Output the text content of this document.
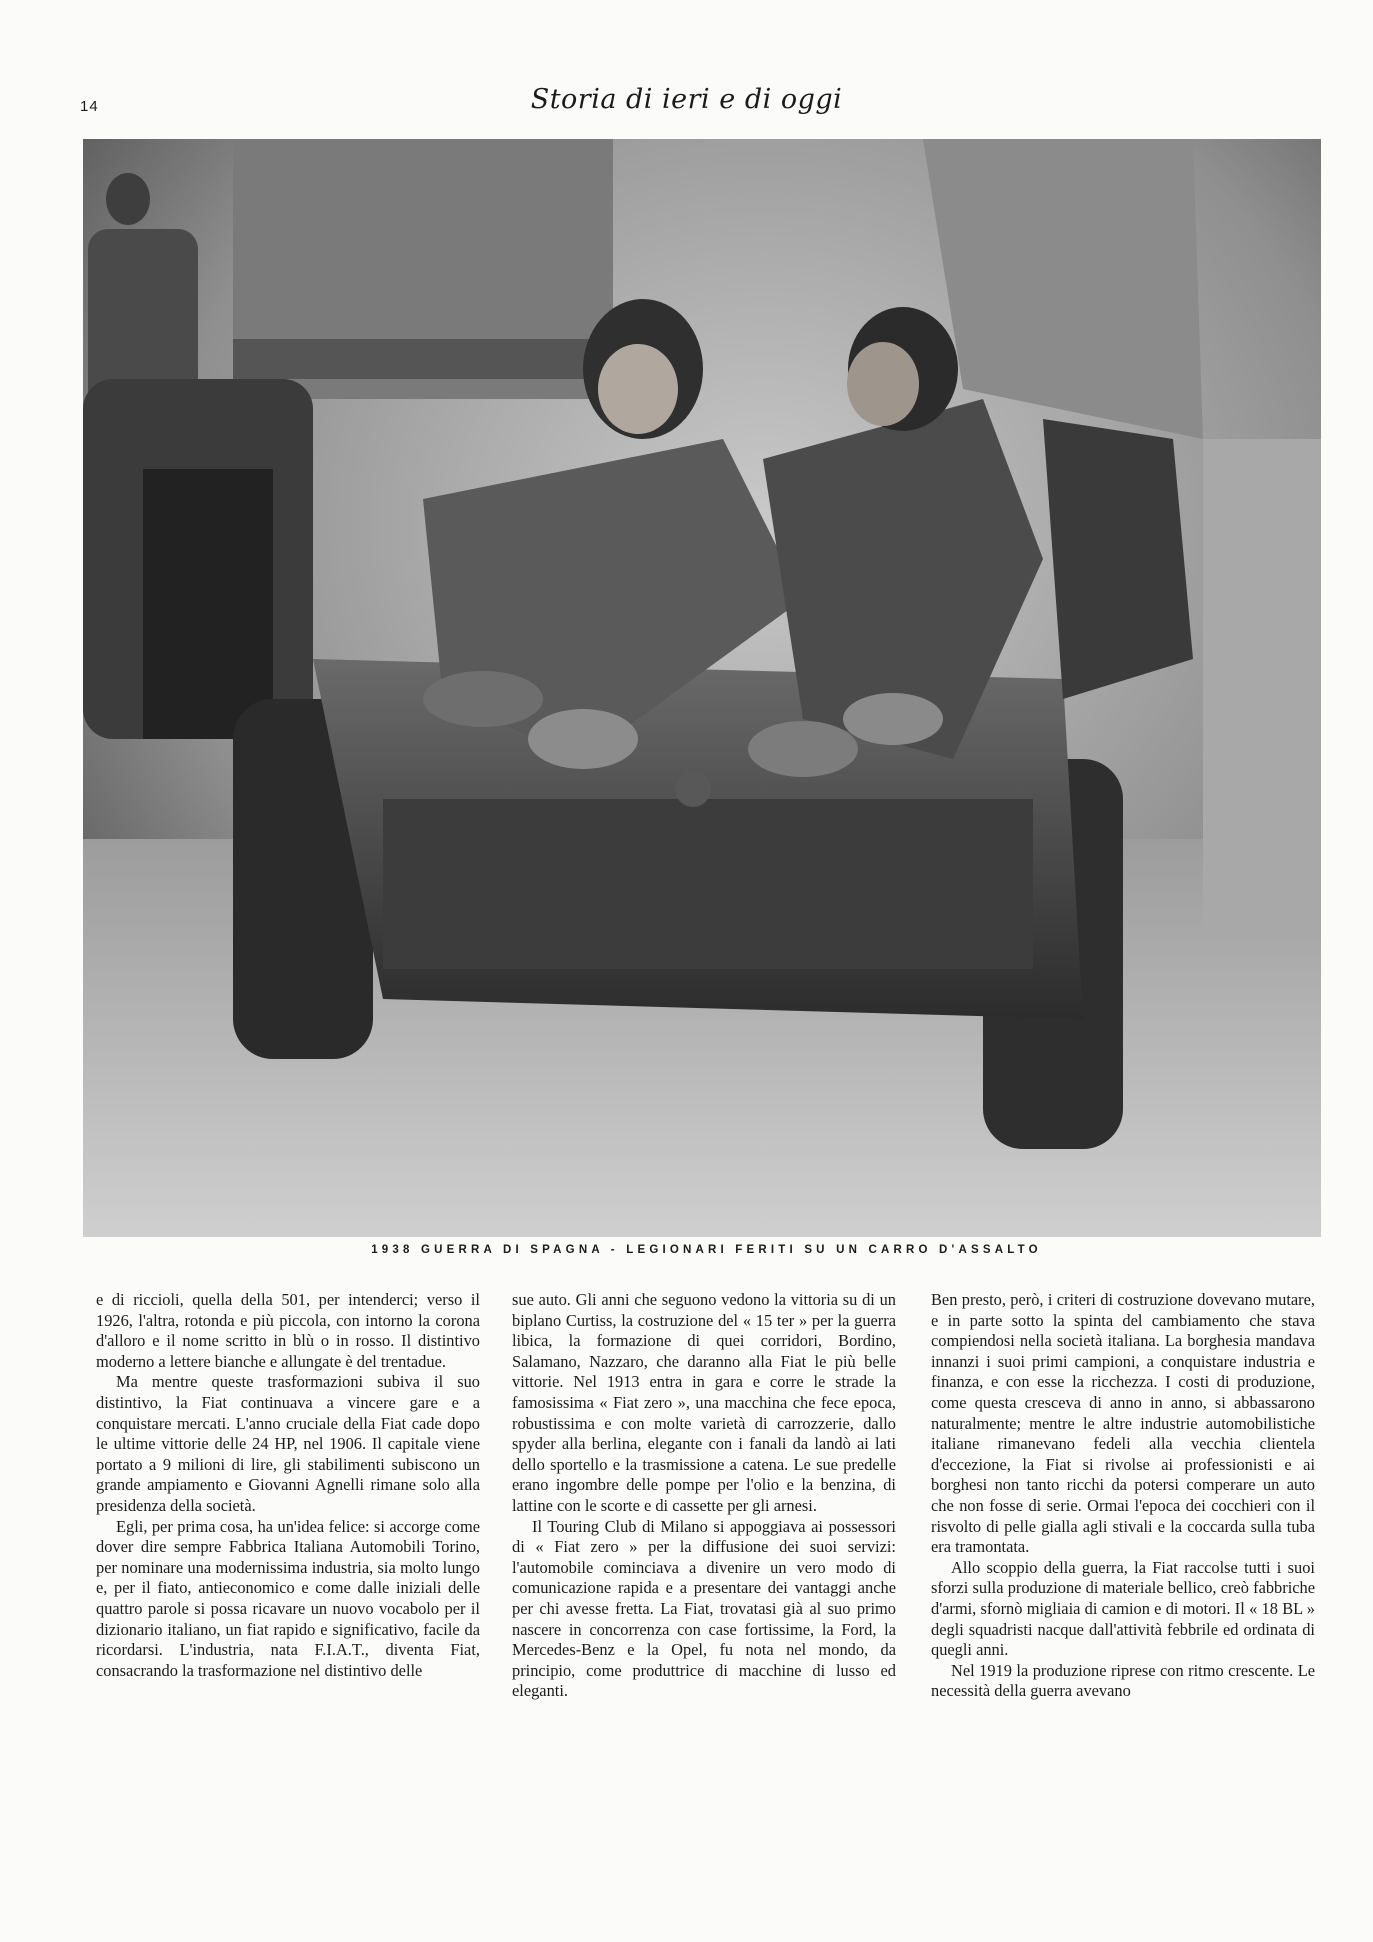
14	Storia di ieri e di oggi
1938 GUERRA DI SPAGNA - LEGIONARI FERITI SU UN CARRO D'ASSALTO

e di riccioli, quella della 501, per intenderci; verso il 1926, l'altra, rotonda e più piccola, con intorno la corona d'alloro e il nome scritto in blù o in rosso. Il distintivo moderno a lettere bianche e allungate è del trentadue.

Ma mentre queste trasformazioni subiva il suo distintivo, la Fiat continuava a vincere gare e a conquistare mercati. L'anno cruciale della Fiat cade dopo le ultime vittorie delle 24 HP, nel 1906. Il capitale viene portato a 9 milioni di lire, gli stabilimenti subiscono un grande ampiamento e Giovanni Agnelli rimane solo alla presidenza della società.

Egli, per prima cosa, ha un'idea felice: si accorge come dover dire sempre Fabbrica Italiana Automobili Torino, per nominare una modernissima industria, sia molto lungo e, per il fiato, antieconomico e come dalle iniziali delle quattro parole si possa ricavare un nuovo vocabolo per il dizionario italiano, un fiat rapido e significativo, facile da ricordarsi. L'industria, nata F.I.A.T., diventa Fiat, consacrando la trasformazione nel distintivo delle

sue auto. Gli anni che seguono vedono la vittoria su di un biplano Curtiss, la costruzione del « 15 ter » per la guerra libica, la formazione di quei corridori, Bordino, Salamano, Nazzaro, che daranno alla Fiat le più belle vittorie. Nel 1913 entra in gara e corre le strade la famosissima « Fiat zero », una macchina che fece epoca, robustissima e con molte varietà di carrozzerie, dallo spyder alla berlina, elegante con i fanali da landò ai lati dello sportello e la trasmissione a catena. Le sue predelle erano ingombre delle pompe per l'olio e la benzina, di lattine con le scorte e di cassette per gli arnesi.

Il Touring Club di Milano si appoggiava ai possessori di « Fiat zero » per la diffusione dei suoi servizi: l'automobile cominciava a divenire un vero modo di comunicazione rapida e a presentare dei vantaggi anche per chi avesse fretta. La Fiat, trovatasi già al suo primo nascere in concorrenza con case fortissime, la Ford, la Mercedes-Benz e la Opel, fu nota nel mondo, da principio, come produttrice di macchine di lusso ed eleganti.

Ben presto, però, i criteri di costruzione dovevano mutare, e in parte sotto la spinta del cambiamento che stava compiendosi nella società italiana. La borghesia mandava innanzi i suoi primi campioni, a conquistare industria e finanza, e con esse la ricchezza. I costi di produzione, come questa cresceva di anno in anno, si abbassarono naturalmente; mentre le altre industrie automobilistiche italiane rimanevano fedeli alla vecchia clientela d'eccezione, la Fiat si rivolse ai professionisti e ai borghesi non tanto ricchi da potersi comperare un auto che non fosse di serie. Ormai l'epoca dei cocchieri con il risvolto di pelle gialla agli stivali e la coccarda sulla tuba era tramontata.

Allo scoppio della guerra, la Fiat raccolse tutti i suoi sforzi sulla produzione di materiale bellico, creò fabbriche d'armi, sfornò migliaia di camion e di motori. Il « 18 BL » degli squadristi nacque dall'attività febbrile ed ordinata di quegli anni.

Nel 1919 la produzione riprese con ritmo crescente. Le necessità della guerra avevano
